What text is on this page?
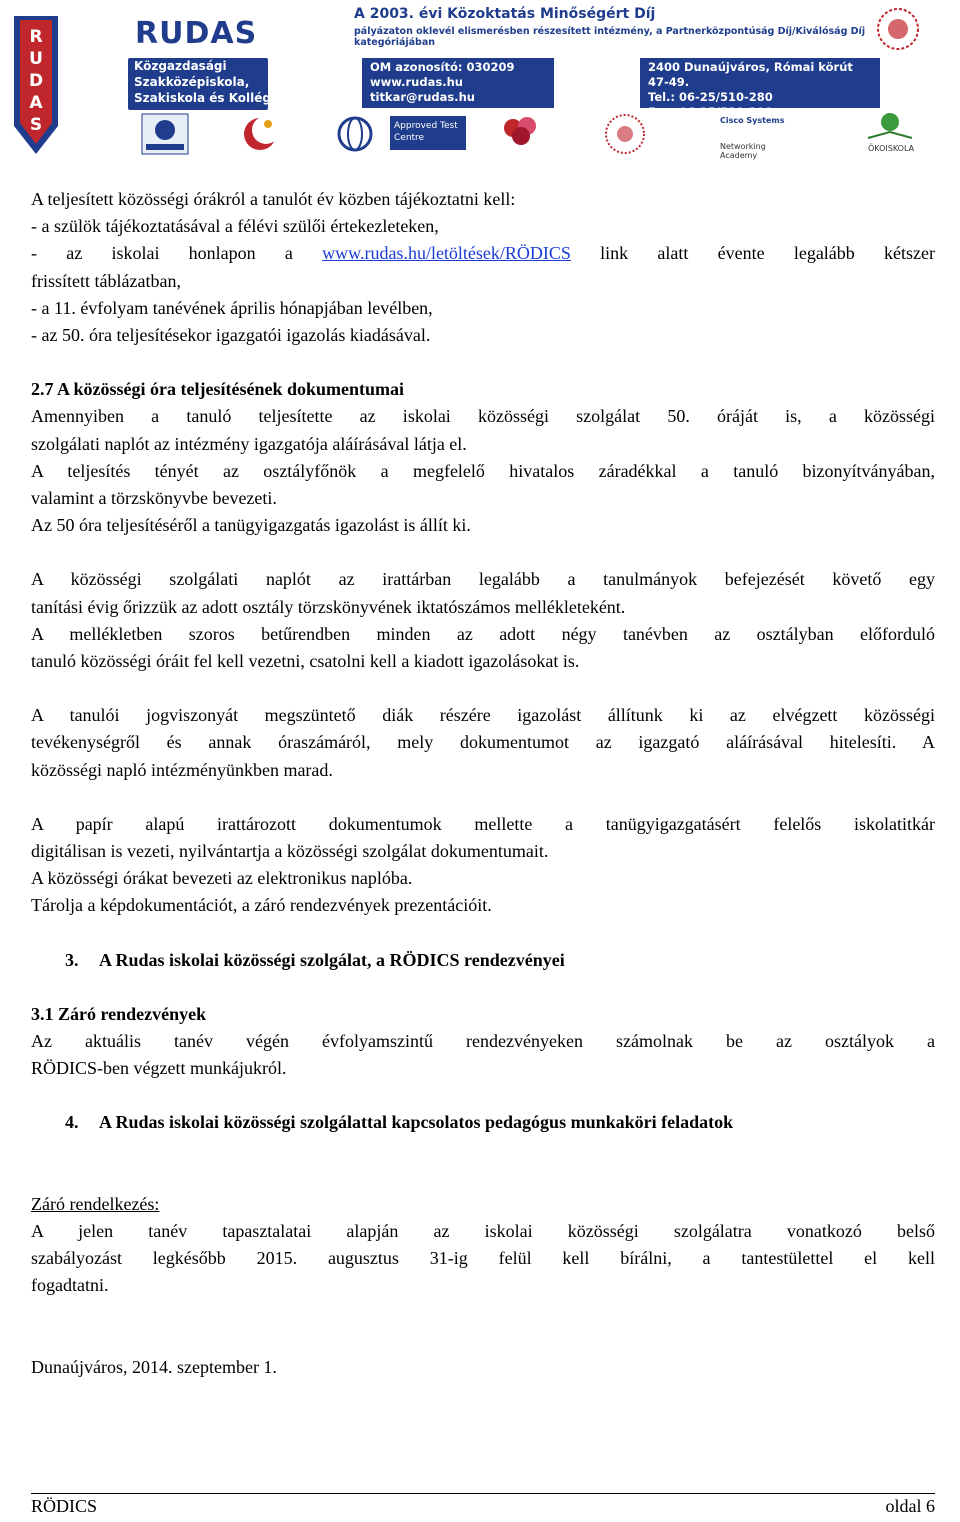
R
U
D
A
S
RUDAS
Közgazdasági
Szakközépiskola,
Szakiskola és Kollégium
A 2003. évi Közoktatás Minőségért Díj
pályázaton oklevél elismerésben részesített intézmény, a Partnerközpontúság Díj/Kiválóság Díj kategóriájában
OM azonosító: 030209
www.rudas.hu
titkar@rudas.hu
2400 Dunaújváros, Római körút 47-49.
Tel.: 06-25/510-280
Fax: 06-25/510-299
Approved Test Centre
Cisco Systems
Networking Academy
ÖKOISKOLA
A teljesített közösségi órákról a tanulót év közben tájékoztatni kell:
- a szülök tájékoztatásával a félévi szülői értekezleteken,
- az iskolai honlapon a www.rudas.hu/letöltések/RÖDICS link alatt évente legalább kétszer
frissített táblázatban,
- a 11. évfolyam tanévének április hónapjában levélben,
- az 50. óra teljesítésekor igazgatói igazolás kiadásával.
2.7 A közösségi óra teljesítésének dokumentumai
Amennyiben a tanuló teljesítette az iskolai közösségi szolgálat 50. óráját is, a közösségi
szolgálati naplót az intézmény igazgatója aláírásával látja el.
A teljesítés tényét az osztályfőnök a megfelelő hivatalos záradékkal a tanuló bizonyítványában,
valamint a törzskönyvbe bevezeti.
Az 50 óra teljesítéséről a tanügyigazgatás igazolást is állít ki.
A közösségi szolgálati naplót az irattárban legalább a tanulmányok befejezését követő egy
tanítási évig őrizzük az adott osztály törzskönyvének iktatószámos mellékleteként.
A mellékletben szoros betűrendben minden az adott négy tanévben az osztályban előforduló
tanuló közösségi óráit fel kell vezetni, csatolni kell a kiadott igazolásokat is.
A tanulói jogviszonyát megszüntető diák részére igazolást állítunk ki az elvégzett közösségi
tevékenységről és annak óraszámáról, mely dokumentumot az igazgató aláírásával hitelesíti. A
közösségi napló intézményünkben marad.
A papír alapú irattározott dokumentumok mellette a tanügyigazgatásért felelős iskolatitkár
digitálisan is vezeti, nyilvántartja a közösségi szolgálat dokumentumait.
A közösségi órákat bevezeti az elektronikus naplóba.
Tárolja a képdokumentációt, a záró rendezvények prezentációit.
3. A Rudas iskolai közösségi szolgálat, a RÖDICS rendezvényei
3.1 Záró rendezvények
Az aktuális tanév végén évfolyamszintű rendezvényeken számolnak be az osztályok a
RÖDICS-ben végzett munkájukról.
4. A Rudas iskolai közösségi szolgálattal kapcsolatos pedagógus munkaköri feladatok
Záró rendelkezés:
A jelen tanév tapasztalatai alapján az iskolai közösségi szolgálatra vonatkozó belső
szabályozást legkésőbb 2015. augusztus 31-ig felül kell bírálni, a tantestülettel el kell
fogadtatni.
Dunaújváros, 2014. szeptember 1.
RÖDICS	oldal 6
